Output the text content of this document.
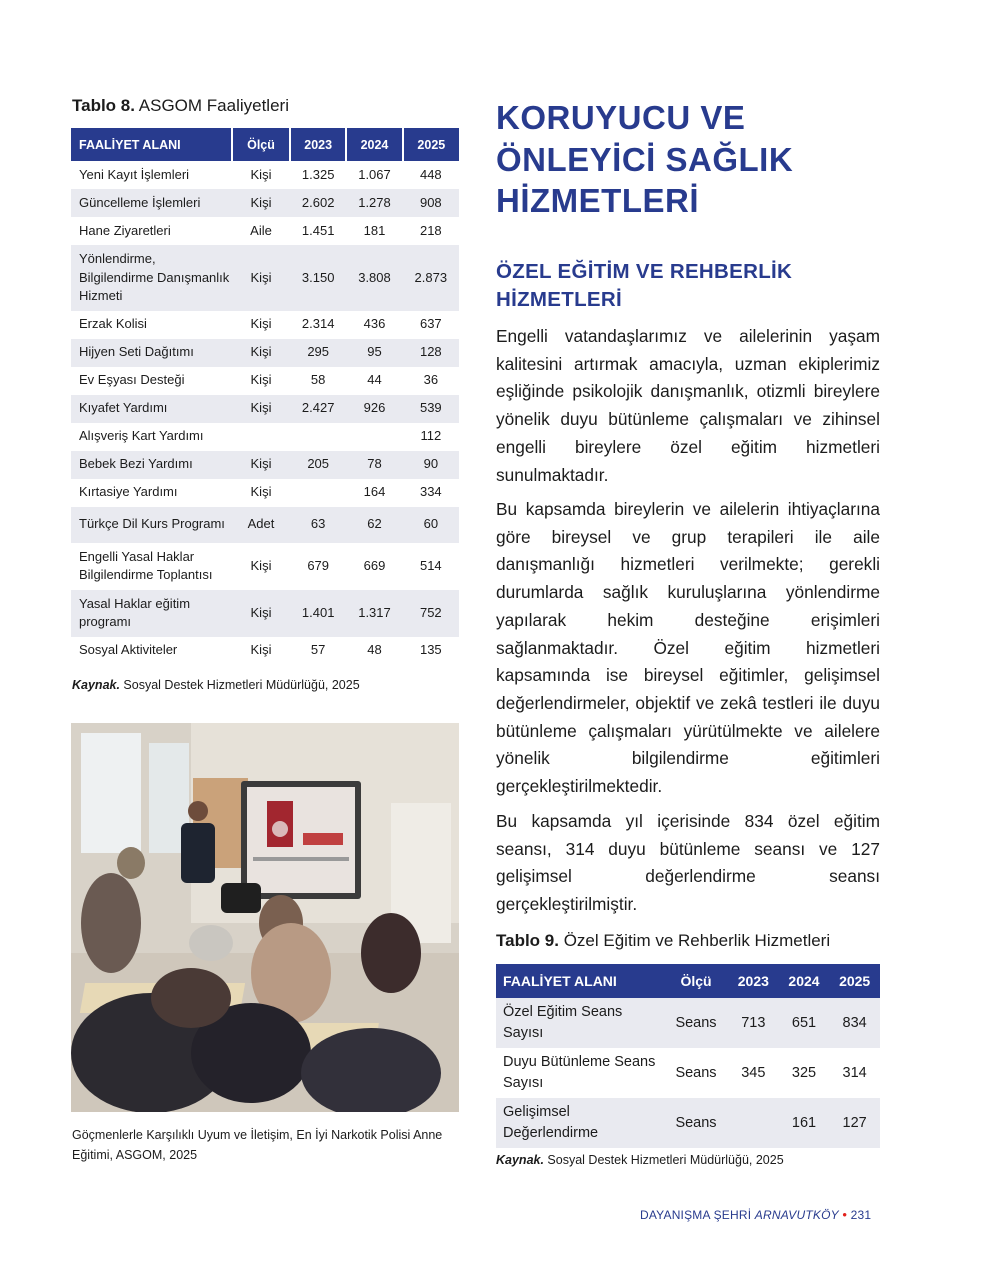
Tablo 8. ASGOM Faaliyetleri
FAALİYET ALANI	Ölçü	2023	2024	2025
Yeni Kayıt İşlemleri	Kişi	1.325	1.067	448
Güncelleme İşlemleri	Kişi	2.602	1.278	908
Hane Ziyaretleri	Aile	1.451	181	218
Yönlendirme, Bilgilendirme Danışmanlık Hizmeti	Kişi	3.150	3.808	2.873
Erzak Kolisi	Kişi	2.314	436	637
Hijyen Seti Dağıtımı	Kişi	295	95	128
Ev Eşyası Desteği	Kişi	58	44	36
Kıyafet Yardımı	Kişi	2.427	926	539
Alışveriş Kart Yardımı				112
Bebek Bezi Yardımı	Kişi	205	78	90
Kırtasiye Yardımı	Kişi		164	334
Türkçe Dil Kurs Programı	Adet	63	62	60
Engelli Yasal Haklar Bilgilendirme Toplantısı	Kişi	679	669	514
Yasal Haklar eğitim programı	Kişi	1.401	1.317	752
Sosyal Aktiviteler	Kişi	57	48	135
Kaynak. Sosyal Destek Hizmetleri Müdürlüğü, 2025
Göçmenlerle Karşılıklı Uyum ve İletişim, En İyi Narkotik Polisi Anne Eğitimi, ASGOM, 2025
KORUYUCU VE ÖNLEYİCİ SAĞLIK HİZMETLERİ
ÖZEL EĞİTİM VE REHBERLİK HİZMETLERİ
Engelli vatandaşlarımız ve ailelerinin yaşam kalitesini artırmak amacıyla, uzman ekiplerimiz eşliğinde psikolojik danışmanlık, otizmli bireylere yönelik duyu bütünleme çalışmaları ve zihinsel engelli bireylere özel eğitim hizmetleri sunulmaktadır.
Bu kapsamda bireylerin ve ailelerin ihtiyaçlarına göre bireysel ve grup terapileri ile aile danışmanlığı hizmetleri verilmekte; gerekli durumlarda sağlık kuruluşlarına yönlendirme yapılarak hekim desteğine erişimleri sağlanmaktadır. Özel eğitim hizmetleri kapsamında ise bireysel eğitimler, gelişimsel değerlendirmeler, objektif ve zekâ testleri ile duyu bütünleme çalışmaları yürütülmekte ve ailelere yönelik bilgilendirme eğitimleri gerçekleştirilmektedir.
Bu kapsamda yıl içerisinde 834 özel eğitim seansı, 314 duyu bütünleme seansı ve 127 gelişimsel değerlendirme seansı gerçekleştirilmiştir.
Tablo 9. Özel Eğitim ve Rehberlik Hizmetleri
FAALİYET ALANI	Ölçü	2023	2024	2025
Özel Eğitim Seans Sayısı	Seans	713	651	834
Duyu Bütünleme Seans Sayısı	Seans	345	325	314
Gelişimsel Değerlendirme	Seans		161	127
Kaynak. Sosyal Destek Hizmetleri Müdürlüğü, 2025
DAYANIŞMA ŞEHRİ ARNAVUTKÖY • 231
